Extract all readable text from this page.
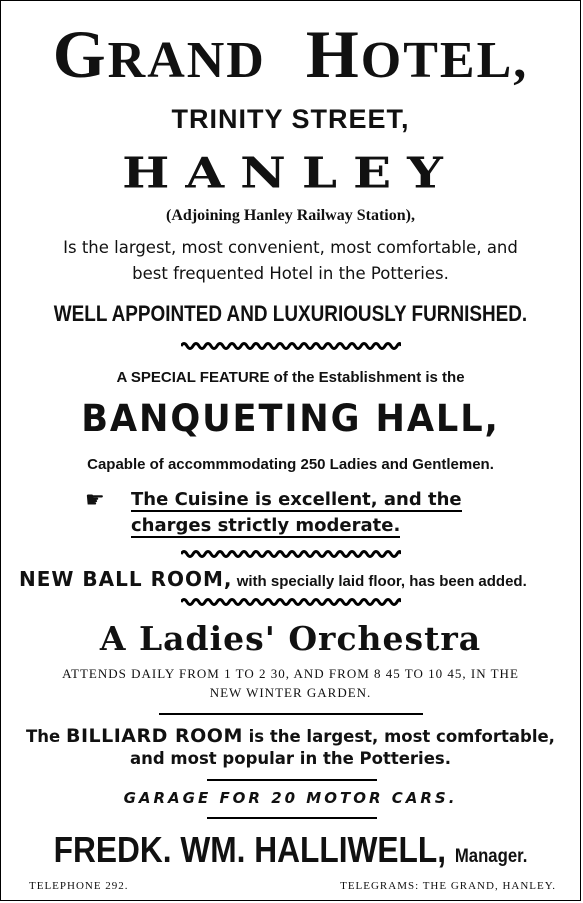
GRAND HOTEL,
TRINITY STREET,
HANLEY
(Adjoining Hanley Railway Station),
Is the largest, most convenient, most comfortable, and
best frequented Hotel in the Potteries.
WELL APPOINTED AND LUXURIOUSLY FURNISHED.
A SPECIAL FEATURE of the Establishment is the
BANQUETING HALL,
Capable of accommmodating 250 Ladies and Gentlemen.
☛	The Cuisine is excellent, and the
charges strictly moderate.
NEW BALL ROOM, with specially laid floor, has been added.
A Ladies' Orchestra
ATTENDS DAILY FROM 1 TO 2 30, AND FROM 8 45 TO 10 45, IN THE
NEW WINTER GARDEN.
The BILLIARD ROOM is the largest, most comfortable,
and most popular in the Potteries.
GARAGE FOR 20 MOTOR CARS.
FREDK. WM. HALLIWELL, Manager.
TELEPHONE 292.	TELEGRAMS: THE GRAND, HANLEY.
